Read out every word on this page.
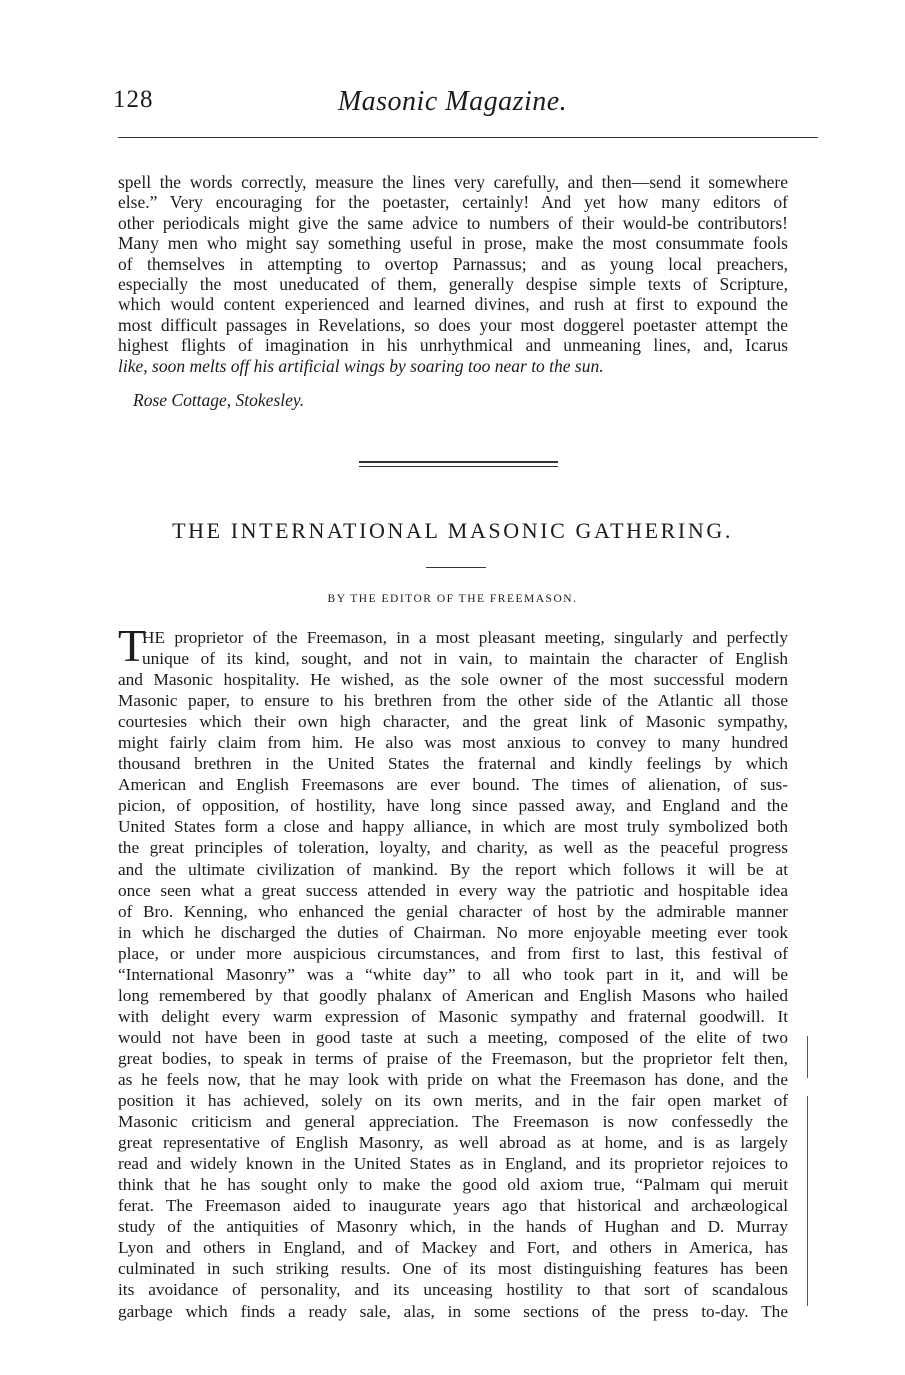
128	Masonic Magazine.
spell the words correctly, measure the lines very carefully, and then—send it somewhere
else.” Very encouraging for the poetaster, certainly! And yet how many editors of
other periodicals might give the same advice to numbers of their would-be contributors!
Many men who might say something useful in prose, make the most consummate fools
of themselves in attempting to overtop Parnassus; and as young local preachers,
especially the most uneducated of them, generally despise simple texts of Scripture,
which would content experienced and learned divines, and rush at first to expound the
most difficult passages in Revelations, so does your most doggerel poetaster attempt the
highest flights of imagination in his unrhythmical and unmeaning lines, and, Icarus
like, soon melts off his artificial wings by soaring too near to the sun.
Rose Cottage, Stokesley.
THE INTERNATIONAL MASONIC GATHERING.
BY THE EDITOR OF THE FREEMASON.
T
HE proprietor of the Freemason, in a most pleasant meeting, singularly and perfectly
unique of its kind, sought, and not in vain, to maintain the character of English
and Masonic hospitality. He wished, as the sole owner of the most successful modern
Masonic paper, to ensure to his brethren from the other side of the Atlantic all those
courtesies which their own high character, and the great link of Masonic sympathy,
might fairly claim from him. He also was most anxious to convey to many hundred
thousand brethren in the United States the fraternal and kindly feelings by which
American and English Freemasons are ever bound. The times of alienation, of sus-
picion, of opposition, of hostility, have long since passed away, and England and the
United States form a close and happy alliance, in which are most truly symbolized both
the great principles of toleration, loyalty, and charity, as well as the peaceful progress
and the ultimate civilization of mankind. By the report which follows it will be at
once seen what a great success attended in every way the patriotic and hospitable idea
of Bro. Kenning, who enhanced the genial character of host by the admirable manner
in which he discharged the duties of Chairman. No more enjoyable meeting ever took
place, or under more auspicious circumstances, and from first to last, this festival of
“International Masonry” was a “white day” to all who took part in it, and will be
long remembered by that goodly phalanx of American and English Masons who hailed
with delight every warm expression of Masonic sympathy and fraternal goodwill. It
would not have been in good taste at such a meeting, composed of the elite of two
great bodies, to speak in terms of praise of the Freemason, but the proprietor felt then,
as he feels now, that he may look with pride on what the Freemason has done, and the
position it has achieved, solely on its own merits, and in the fair open market of
Masonic criticism and general appreciation. The Freemason is now confessedly the
great representative of English Masonry, as well abroad as at home, and is as largely
read and widely known in the United States as in England, and its proprietor rejoices to
think that he has sought only to make the good old axiom true, “Palmam qui meruit
ferat. The Freemason aided to inaugurate years ago that historical and archæological
study of the antiquities of Masonry which, in the hands of Hughan and D. Murray
Lyon and others in England, and of Mackey and Fort, and others in America, has
culminated in such striking results. One of its most distinguishing features has been
its avoidance of personality, and its unceasing hostility to that sort of scandalous
garbage which finds a ready sale, alas, in some sections of the press to-day. The
